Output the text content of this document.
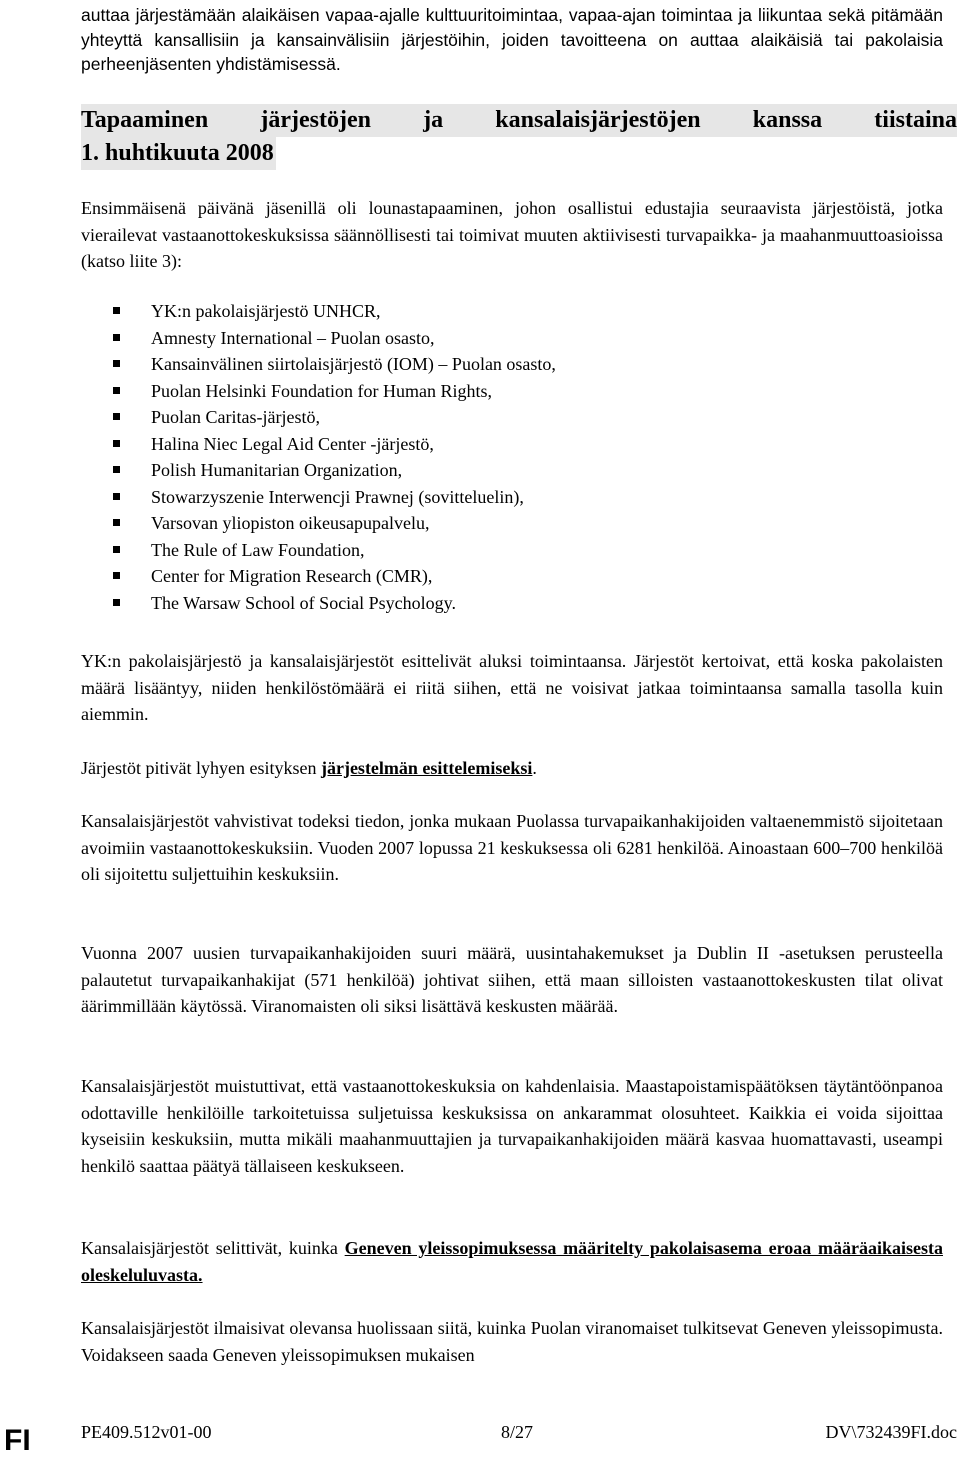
auttaa järjestämään alaikäisen vapaa-ajalle kulttuuritoimintaa, vapaa-ajan toimintaa ja liikuntaa sekä pitämään yhteyttä kansallisiin ja kansainvälisiin järjestöihin, joiden tavoitteena on auttaa alaikäisiä tai pakolaisia perheenjäsenten yhdistämisessä.

Tapaaminen järjestöjen ja kansalaisjärjestöjen kanssa tiistaina
1. huhtikuuta 2008

Ensimmäisenä päivänä jäsenillä oli lounastapaaminen, johon osallistui edustajia seuraavista järjestöistä, jotka vierailevat vastaanottokeskuksissa säännöllisesti tai toimivat muuten aktiivisesti turvapaikka- ja maahanmuuttoasioissa (katso liite 3):

YK:n pakolaisjärjestö UNHCR,
Amnesty International – Puolan osasto,
Kansainvälinen siirtolaisjärjestö (IOM) – Puolan osasto,
Puolan Helsinki Foundation for Human Rights,
Puolan Caritas-järjestö,
Halina Niec Legal Aid Center -järjestö,
Polish Humanitarian Organization,
Stowarzyszenie Interwencji Prawnej (sovitteluelin),
Varsovan yliopiston oikeusapupalvelu,
The Rule of Law Foundation,
Center for Migration Research (CMR),
The Warsaw School of Social Psychology.

YK:n pakolaisjärjestö ja kansalaisjärjestöt esittelivät aluksi toimintaansa. Järjestöt kertoivat, että koska pakolaisten määrä lisääntyy, niiden henkilöstömäärä ei riitä siihen, että ne voisivat jatkaa toimintaansa samalla tasolla kuin aiemmin.

Järjestöt pitivät lyhyen esityksen järjestelmän esittelemiseksi.

Kansalaisjärjestöt vahvistivat todeksi tiedon, jonka mukaan Puolassa turvapaikanhakijoiden valtaenemmistö sijoitetaan avoimiin vastaanottokeskuksiin. Vuoden 2007 lopussa 21 keskuksessa oli 6281 henkilöä. Ainoastaan 600–700 henkilöä oli sijoitettu suljettuihin keskuksiin.

Vuonna 2007 uusien turvapaikanhakijoiden suuri määrä, uusintahakemukset ja Dublin II -asetuksen perusteella palautetut turvapaikanhakijat (571 henkilöä) johtivat siihen, että maan silloisten vastaanottokeskusten tilat olivat äärimmillään käytössä. Viranomaisten oli siksi lisättävä keskusten määrää.

Kansalaisjärjestöt muistuttivat, että vastaanottokeskuksia on kahdenlaisia. Maastapoistamispäätöksen täytäntöönpanoa odottaville henkilöille tarkoitetuissa suljetuissa keskuksissa on ankarammat olosuhteet. Kaikkia ei voida sijoittaa kyseisiin keskuksiin, mutta mikäli maahanmuuttajien ja turvapaikanhakijoiden määrä kasvaa huomattavasti, useampi henkilö saattaa päätyä tällaiseen keskukseen.

Kansalaisjärjestöt selittivät, kuinka Geneven yleissopimuksessa määritelty pakolaisasema eroaa määräaikaisesta oleskeluluvasta.

Kansalaisjärjestöt ilmaisivat olevansa huolissaan siitä, kuinka Puolan viranomaiset tulkitsevat Geneven yleissopimusta. Voidakseen saada Geneven yleissopimuksen mukaisen

PE409.512v01-00	8/27	DV\732439FI.doc
FI
